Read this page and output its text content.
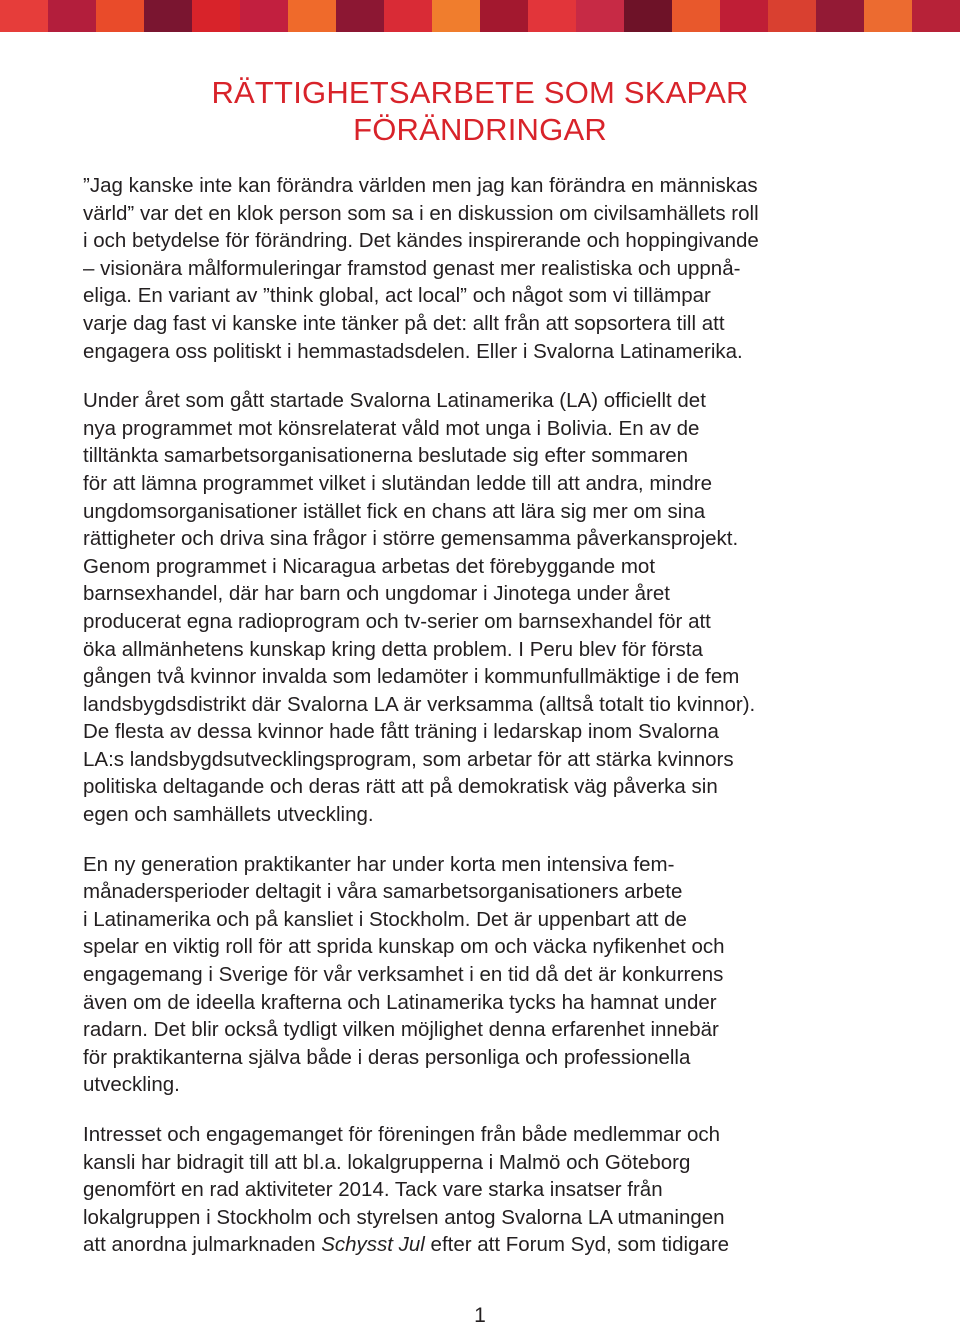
RÄTTIGHETSARBETE SOM SKAPAR
FÖRÄNDRINGAR

”Jag kanske inte kan förändra världen men jag kan förändra en människas
värld” var det en klok person som sa i en diskussion om civilsamhällets roll
i och betydelse för förändring. Det kändes inspirerande och hoppingivande
– visionära målformuleringar framstod genast mer realistiska och uppnå-
eliga. En variant av ”think global, act local” och något som vi tillämpar
varje dag fast vi kanske inte tänker på det: allt från att sopsortera till att
engagera oss politiskt i hemmastadsdelen. Eller i Svalorna Latinamerika.

Under året som gått startade Svalorna Latinamerika (LA) officiellt det
nya programmet mot könsrelaterat våld mot unga i Bolivia. En av de
tilltänkta samarbetsorganisationerna beslutade sig efter sommaren
för att lämna programmet vilket i slutändan ledde till att andra, mindre
ungdomsorganisationer istället fick en chans att lära sig mer om sina
rättigheter och driva sina frågor i större gemensamma påverkansprojekt.
Genom programmet i Nicaragua arbetas det förebyggande mot
barnsexhandel, där har barn och ungdomar i Jinotega under året
producerat egna radioprogram och tv-serier om barnsexhandel för att
öka allmänhetens kunskap kring detta problem. I Peru blev för första
gången två kvinnor invalda som ledamöter i kommunfullmäktige i de fem
landsbygdsdistrikt där Svalorna LA är verksamma (alltså totalt tio kvinnor).
De flesta av dessa kvinnor hade fått träning i ledarskap inom Svalorna
LA:s landsbygdsutvecklingsprogram, som arbetar för att stärka kvinnors
politiska deltagande och deras rätt att på demokratisk väg påverka sin
egen och samhällets utveckling.

En ny generation praktikanter har under korta men intensiva fem-
månadersperioder deltagit i våra samarbetsorganisationers arbete
i Latinamerika och på kansliet i Stockholm. Det är uppenbart att de
spelar en viktig roll för att sprida kunskap om och väcka nyfikenhet och
engagemang i Sverige för vår verksamhet i en tid då det är konkurrens
även om de ideella krafterna och Latinamerika tycks ha hamnat under
radarn. Det blir också tydligt vilken möjlighet denna erfarenhet innebär
för praktikanterna själva både i deras personliga och professionella
utveckling.

Intresset och engagemanget för föreningen från både medlemmar och
kansli har bidragit till att bl.a. lokalgrupperna i Malmö och Göteborg
genomfört en rad aktiviteter 2014. Tack vare starka insatser från
lokalgruppen i Stockholm och styrelsen antog Svalorna LA utmaningen
att anordna julmarknaden Schysst Jul efter att Forum Syd, som tidigare

1
